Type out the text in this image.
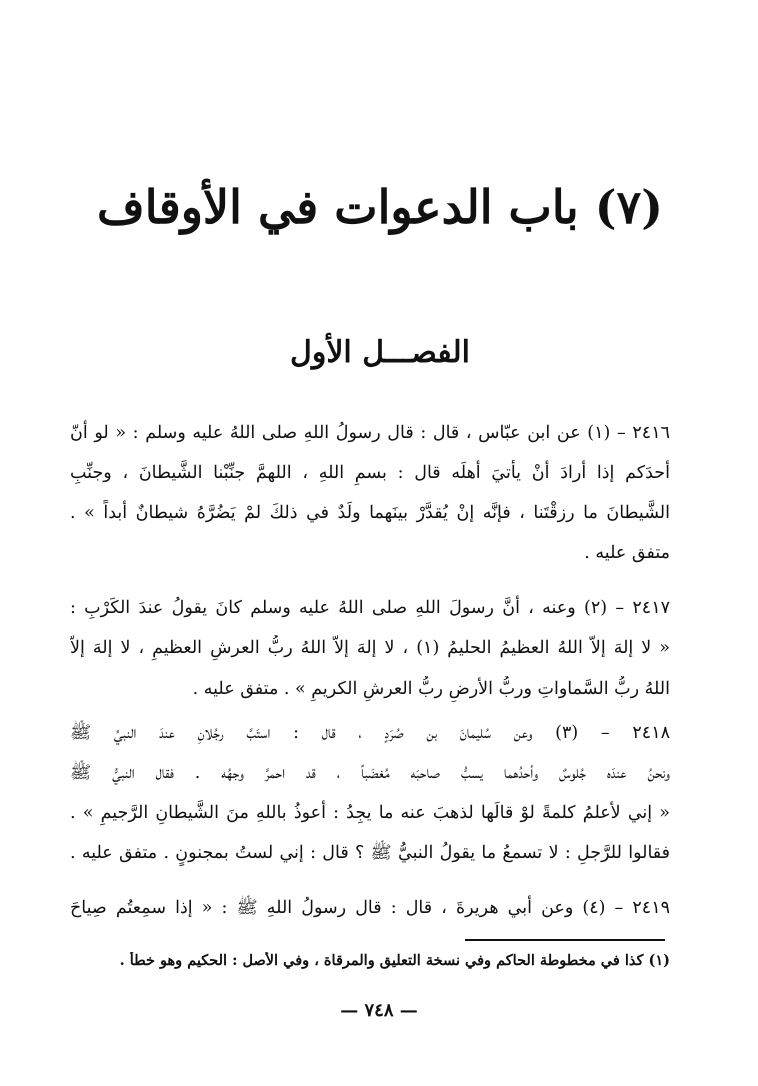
(٧) باب الدعوات في الأوقاف
الفصـــل الأول
٢٤١٦ – (١) عن ابن عبّاس ، قال : قال رسولُ اللهِ صلى اللهُ عليه وسلم : « لو أنّ
أحدَكم إذا أرادَ أنْ يأتيَ أهلَه قال : بسمِ اللهِ ، اللهمَّ جنِّبْنا الشَّيطانَ ، وجنِّبِ
الشَّيطانَ ما رزقْتَنا ، فإنَّه إنْ يُقدَّرْ بينَهما ولَدٌ في ذلكَ لمْ يَضُرَّهُ شيطانٌ أبداً » .
متفق عليه .
٢٤١٧ – (٢) وعنه ، أنَّ رسولَ اللهِ صلى اللهُ عليه وسلم كانَ يقولُ عندَ الكَرْبِ :
« لا إلهَ إلاَّ اللهُ العظيمُ الحليمُ (١) ، لا إلهَ إلاَّ اللهُ ربُّ العرشِ العظيمِ ، لا إلهَ إلاَّ
اللهُ ربُّ السَّماواتِ وربُّ الأرضِ ربُّ العرشِ الكريمِ » . متفق عليه .
٢٤١٨ – (٣) وعن سُليمانَ بن صُرَدٍ ، قال : استَبَّ رجُلانِ عندَ النبيِّ ﷺ
ونحنُ عندَه جُلوسٌ وأحدُهما يسبُّ صاحبَه مُغضَباً ، قد احمرَّ وجهُه . فقال النبيُّ ﷺ
« إني لأعلمُ كلمةً لوْ قالَها لذهبَ عنه ما يجِدُ : أعوذُ باللهِ منَ الشَّيطانِ الرَّجيمِ » .
فقالوا للرَّجلِ : لا تسمعُ ما يقولُ النبيُّ ﷺ ؟ قال : إني لستُ بمجنونٍ . متفق عليه .
٢٤١٩ – (٤) وعن أبي هريرةَ ، قال : قال رسولُ اللهِ ﷺ : « إذا سمِعتُم صِياحَ
(١) كذا في مخطوطة الحاكم وفي نسخة التعليق والمرقاة ، وفي الأصل : الحكيم وهو خطأ .
— ٧٤٨ —
